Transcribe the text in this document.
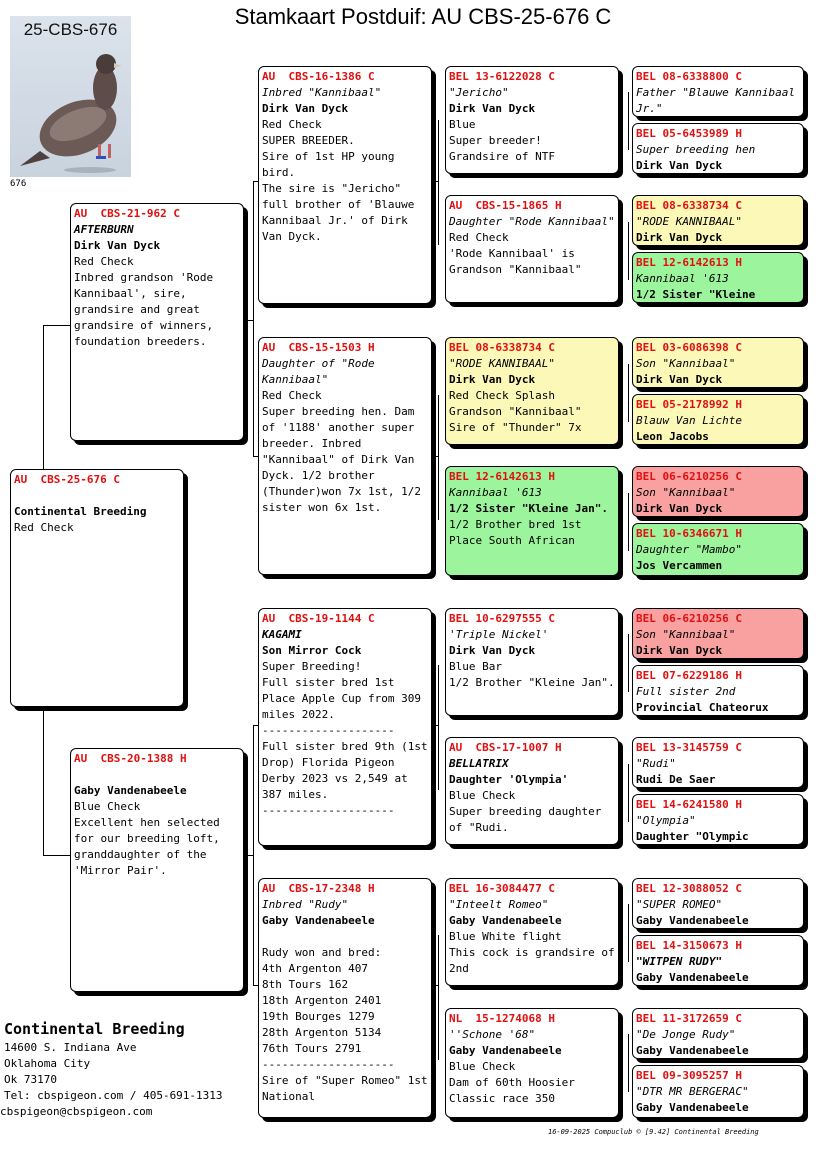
Stamkaart Postduif: AU CBS-25-676 C
25-CBS-676
676
AU  CBS-25-676 C
Continental Breeding
Red Check
AU  CBS-21-962 C
AFTERBURN
Dirk Van Dyck
Red Check
Inbred grandson 'Rode Kannibaal', sire, grandsire and great grandsire of winners, foundation breeders.
AU  CBS-20-1388 H
Gaby Vandenabeele
Blue Check
Excellent hen selected for our breeding loft, granddaughter of the 'Mirror Pair'.
AU  CBS-16-1386 C
Inbred "Kannibaal"
Dirk Van Dyck
Red Check
SUPER BREEDER.
Sire of 1st HP young bird.
The sire is "Jericho" full brother of 'Blauwe Kannibaal Jr.' of Dirk Van Dyck.
AU  CBS-15-1503 H
Daughter of "Rode Kannibaal"
Red Check
Super breeding hen. Dam of '1188' another super breeder. Inbred "Kannibaal" of Dirk Van Dyck. 1/2 brother (Thunder)won 7x 1st, 1/2 sister won 6x 1st.
AU  CBS-19-1144 C
KAGAMI
Son Mirror Cock
Super Breeding!
Full sister bred 1st Place Apple Cup from 309 miles 2022.
--------------------
Full sister bred 9th (1st Drop) Florida Pigeon Derby 2023 vs 2,549 at 387 miles.
--------------------
AU  CBS-17-2348 H
Inbred "Rudy"
Gaby Vandenabeele
Rudy won and bred:
4th Argenton 407
8th Tours 162
18th Argenton 2401
19th Bourges 1279
28th Argenton 5134
76th Tours 2791
--------------------
Sire of "Super Romeo" 1st National
BEL 13-6122028 C
"Jericho"
Dirk Van Dyck
Blue
Super breeder!
Grandsire of NTF
AU  CBS-15-1865 H
Daughter "Rode Kannibaal"
Red Check
'Rode Kannibaal' is Grandson "Kannibaal"
BEL 08-6338734 C
"RODE KANNIBAAL"
Dirk Van Dyck
Red Check Splash
Grandson "Kannibaal"
Sire of "Thunder" 7x
BEL 12-6142613 H
Kannibaal '613
1/2 Sister "Kleine Jan".
1/2 Brother bred 1st Place South African
BEL 10-6297555 C
'Triple Nickel'
Dirk Van Dyck
Blue Bar
1/2 Brother "Kleine Jan".
AU  CBS-17-1007 H
BELLATRIX
Daughter 'Olympia'
Blue Check
Super breeding daughter of "Rudi.
BEL 16-3084477 C
"Inteelt Romeo"
Gaby Vandenabeele
Blue White flight
This cock is grandsire of 2nd
NL  15-1274068 H
''Schone '68"
Gaby Vandenabeele
Blue Check
Dam of 60th Hoosier Classic race 350
BEL 08-6338800 C
Father "Blauwe Kannibaal Jr."
BEL 05-6453989 H
Super breeding hen
Dirk Van Dyck
BEL 08-6338734 C
"RODE KANNIBAAL"
Dirk Van Dyck
BEL 12-6142613 H
Kannibaal '613
1/2 Sister "Kleine
BEL 03-6086398 C
Son "Kannibaal"
Dirk Van Dyck
BEL 05-2178992 H
Blauw Van Lichte
Leon Jacobs
BEL 06-6210256 C
Son "Kannibaal"
Dirk Van Dyck
BEL 10-6346671 H
Daughter "Mambo"
Jos Vercammen
BEL 06-6210256 C
Son "Kannibaal"
Dirk Van Dyck
BEL 07-6229186 H
Full sister 2nd
Provincial Chateorux
BEL 13-3145759 C
"Rudi"
Rudi De Saer
BEL 14-6241580 H
"Olympia"
Daughter "Olympic
BEL 12-3088052 C
"SUPER ROMEO"
Gaby Vandenabeele
BEL 14-3150673 H
"WITPEN RUDY"
Gaby Vandenabeele
BEL 11-3172659 C
"De Jonge Rudy"
Gaby Vandenabeele
BEL 09-3095257 H
"DTR MR BERGERAC"
Gaby Vandenabeele
Continental Breeding
14600 S. Indiana Ave
Oklahoma City
Ok 73170
Tel: cbspigeon.com / 405-691-1313
cbspigeon@cbspigeon.com
16-09-2025 Compuclub © [9.42] Continental Breeding
